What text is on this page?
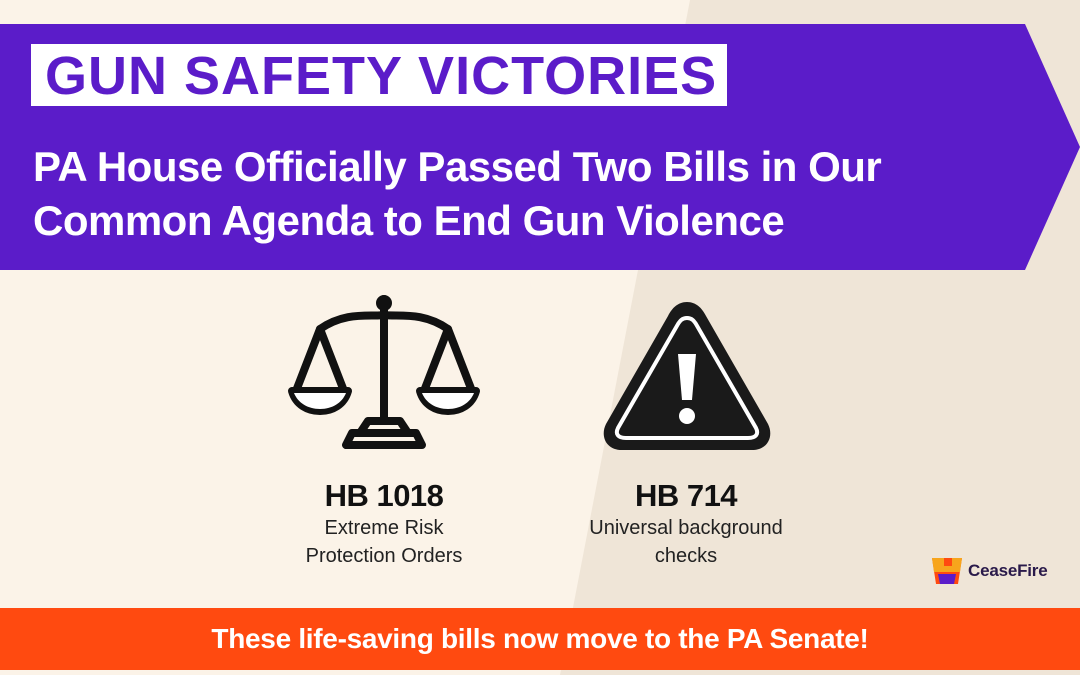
GUN SAFETY VICTORIES
PA House Officially Passed Two Bills in Our Common Agenda to End Gun Violence
HB 1018
Extreme Risk Protection Orders
HB 714
Universal background checks
CeaseFire
These life-saving bills now move to the PA Senate!
